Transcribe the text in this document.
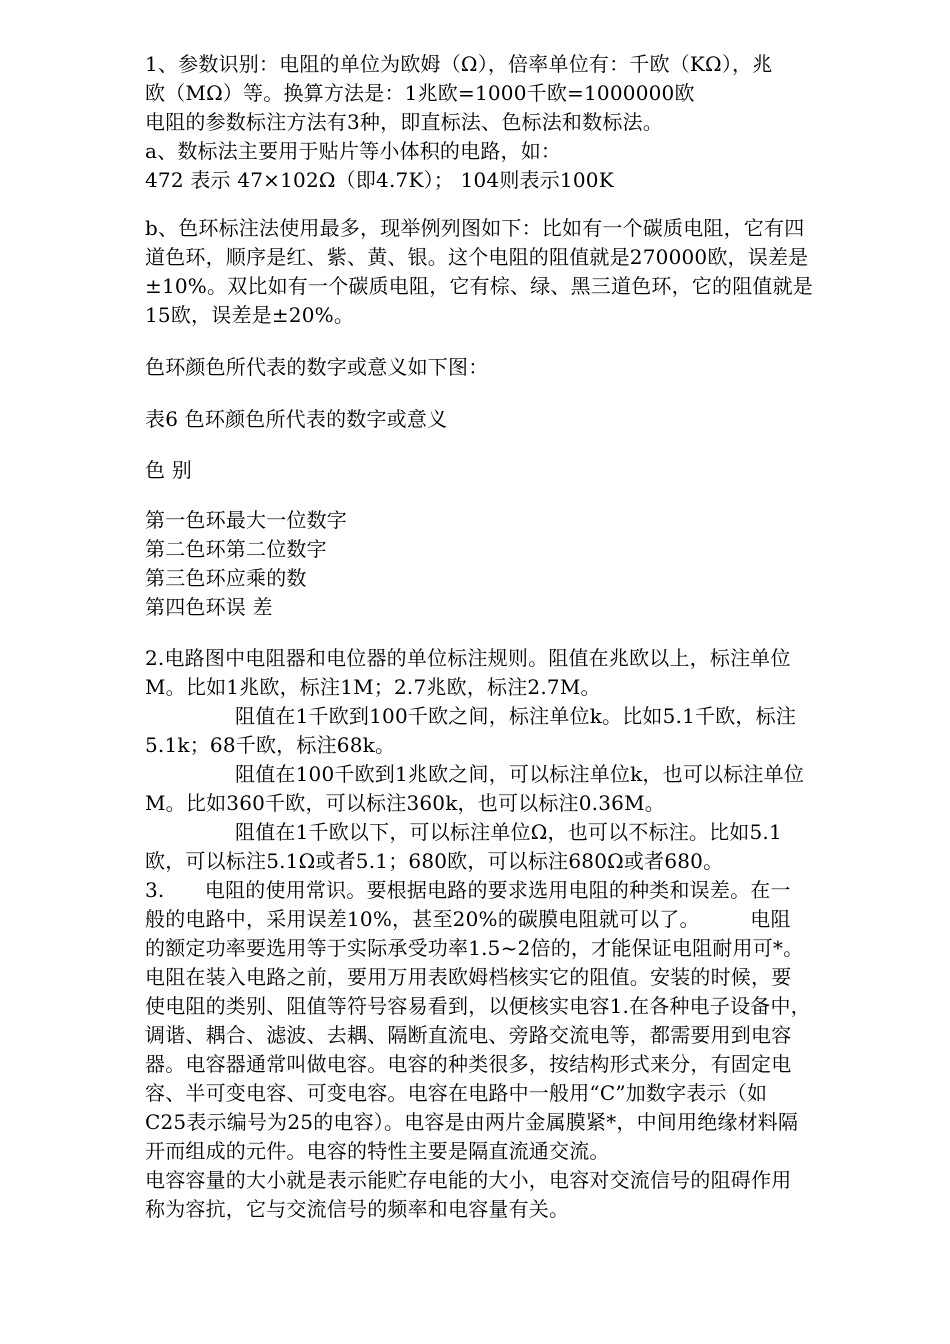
1、参数识别：电阻的单位为欧姆（Ω），倍率单位有：千欧（KΩ），兆
欧（MΩ）等。换算方法是：1兆欧=1000千欧=1000000欧
电阻的参数标注方法有3种，即直标法、色标法和数标法。
a、数标法主要用于贴片等小体积的电路，如：
472 表示 47×102Ω（即4.7K）； 104则表示100K
b、色环标注法使用最多，现举例列图如下：比如有一个碳质电阻，它有四
道色环，顺序是红、紫、黄、银。这个电阻的阻值就是270000欧，误差是
±10%。双比如有一个碳质电阻，它有棕、绿、黑三道色环，它的阻值就是
15欧，误差是±20%。
色环颜色所代表的数字或意义如下图：
表6 色环颜色所代表的数字或意义
色 别
第一色环最大一位数字
第二色环第二位数字
第三色环应乘的数
第四色环误 差
2.电路图中电阻器和电位器的单位标注规则。阻值在兆欧以上，标注单位
M。比如1兆欧，标注1M；2.7兆欧，标注2.7M。
阻值在1千欧到100千欧之间，标注单位k。比如5.1千欧，标注
5.1k；68千欧，标注68k。
阻值在100千欧到1兆欧之间，可以标注单位k，也可以标注单位
M。比如360千欧，可以标注360k，也可以标注0.36M。
阻值在1千欧以下，可以标注单位Ω，也可以不标注。比如5.1
欧，可以标注5.1Ω或者5.1；680欧，可以标注680Ω或者680。
3.　　电阻的使用常识。要根据电路的要求选用电阻的种类和误差。在一
般的电路中，采用误差10%，甚至20%的碳膜电阻就可以了。　　　电阻
的额定功率要选用等于实际承受功率1.5~2倍的，才能保证电阻耐用可*。
电阻在装入电路之前，要用万用表欧姆档核实它的阻值。安装的时候，要
使电阻的类别、阻值等符号容易看到，以便核实电容1.在各种电子设备中，
调谐、耦合、滤波、去耦、隔断直流电、旁路交流电等，都需要用到电容
器。电容器通常叫做电容。电容的种类很多，按结构形式来分，有固定电
容、半可变电容、可变电容。电容在电路中一般用“C”加数字表示（如
C25表示编号为25的电容）。电容是由两片金属膜紧*，中间用绝缘材料隔
开而组成的元件。电容的特性主要是隔直流通交流。
电容容量的大小就是表示能贮存电能的大小，电容对交流信号的阻碍作用
称为容抗，它与交流信号的频率和电容量有关。
